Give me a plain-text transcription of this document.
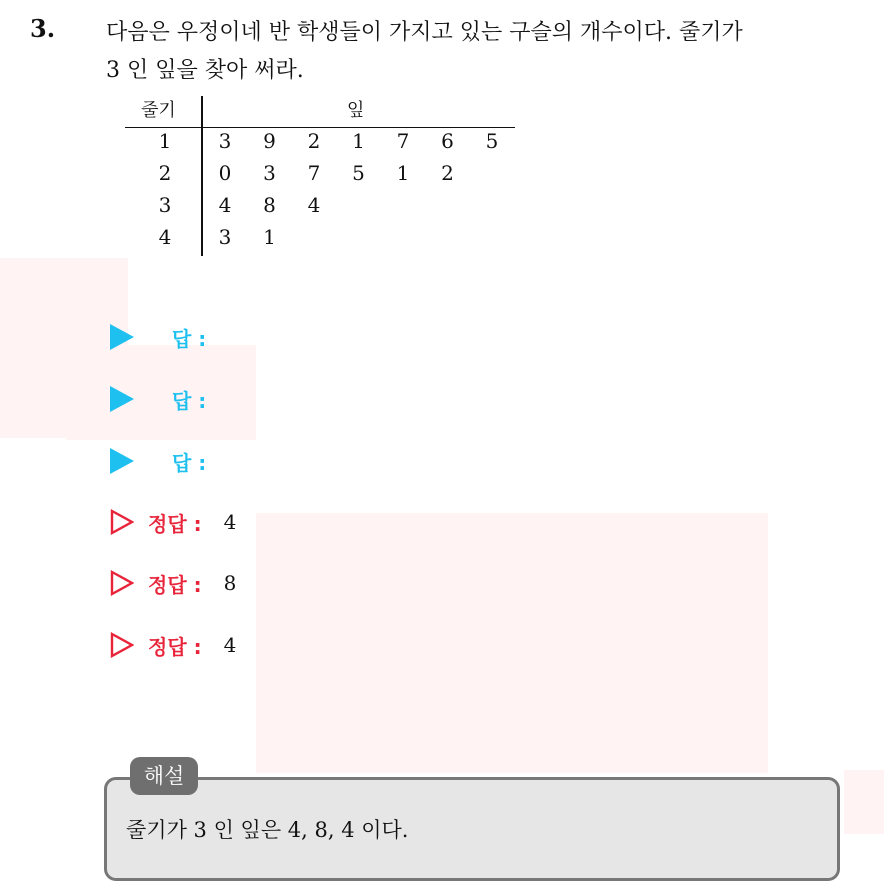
3. 다음은 우정이네 반 학생들이 가지고 있는 구슬의 개수이다. 줄기가
3 인 잎을 찾아 써라.
줄기	잎
1 3 9 2 1 7 6 5
2 0 3 7 5 1 2
3 4 8 4
4 3 1
답 :
답 :
답 :
정답 : 4
정답 : 8
정답 : 4
해설
줄기가 3 인 잎은 4, 8, 4 이다.
